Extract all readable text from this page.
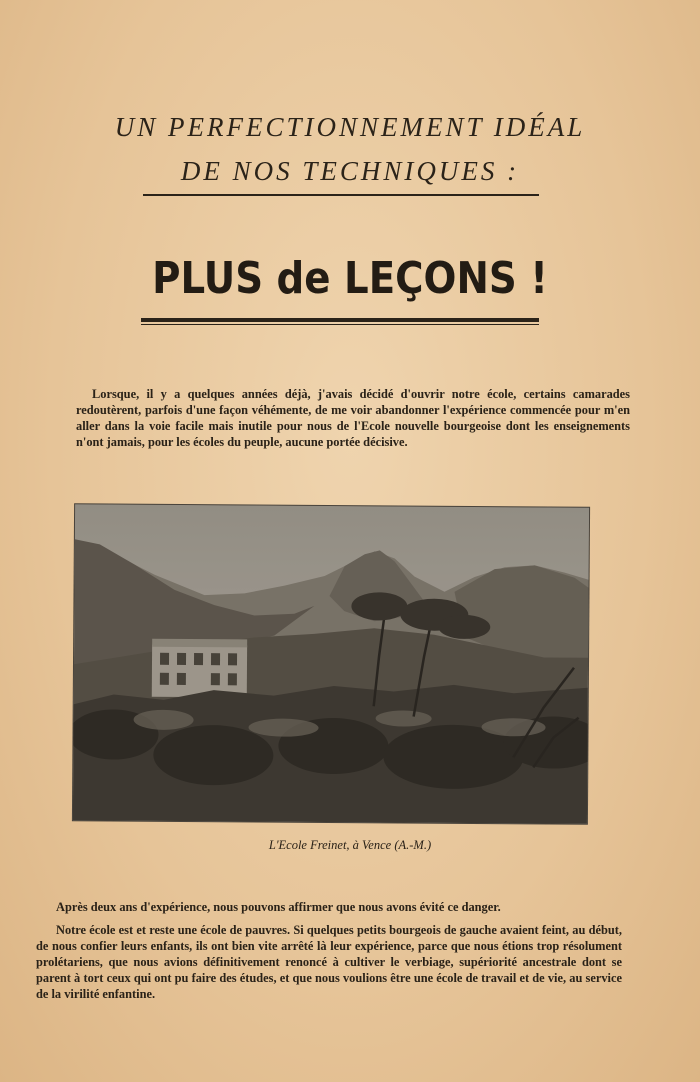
UN PERFECTIONNEMENT IDÉAL

DE NOS TECHNIQUES :

PLUS de LEÇONS !

Lorsque, il y a quelques années déjà, j'avais décidé d'ouvrir notre école, certains camarades redoutèrent, parfois d'une façon véhémente, de me voir abandonner l'expérience commencée pour m'en aller dans la voie facile mais inutile pour nous de l'Ecole nouvelle bourgeoise dont les enseignements n'ont jamais, pour les écoles du peuple, aucune portée décisive.

L'Ecole Freinet, à Vence (A.-M.)

Après deux ans d'expérience, nous pouvons affirmer que nous avons évité ce danger.

Notre école est et reste une école de pauvres. Si quelques petits bourgeois de gauche avaient feint, au début, de nous confier leurs enfants, ils ont bien vite arrêté là leur expérience, parce que nous étions trop résolument prolétariens, que nous avions définitivement renoncé à cultiver le verbiage, supériorité ancestrale dont se parent à tort ceux qui ont pu faire des études, et que nous voulions être une école de travail et de vie, au service de la virilité enfantine.
